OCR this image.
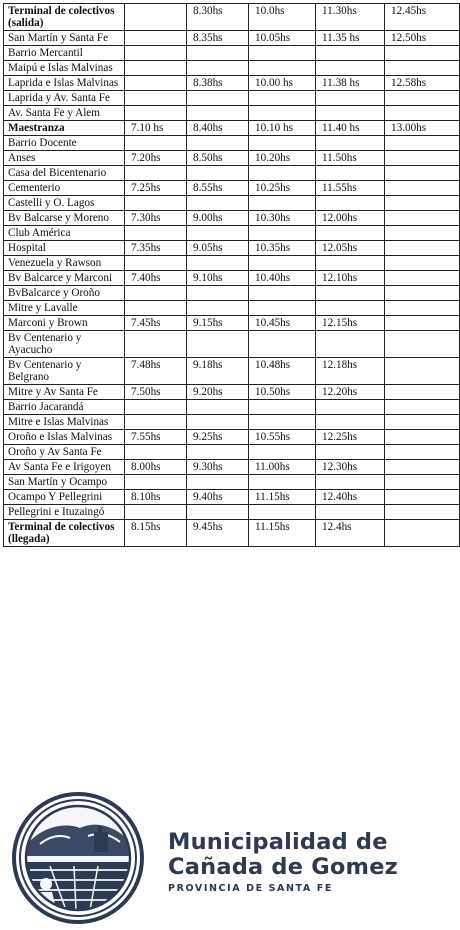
Terminal de colectivos (salida)		8.30hs	10.0hs	11.30hs	12.45hs
San Martín y Santa Fe		8.35hs	10.05hs	11.35 hs	12.50hs
Barrio Mercantil					
Maipú e Islas Malvinas					
Laprida e Islas Malvinas		8.38hs	10.00 hs	11.38 hs	12.58hs
Laprida y Av. Santa Fe					
Av. Santa Fe y Alem					
Maestranza	7.10 hs	8.40hs	10.10 hs	11.40 hs	13.00hs
Barrio Docente					
Anses	7.20hs	8.50hs	10.20hs	11.50hs	
Casa del Bicentenario					
Cementerio	7.25hs	8.55hs	10.25hs	11.55hs	
Castelli y O. Lagos					
Bv Balcarse y Moreno	7.30hs	9.00hs	10.30hs	12.00hs	
Club América					
Hospital	7.35hs	9.05hs	10.35hs	12.05hs	
Venezuela y Rawson					
Bv Balcarce y Marconi	7.40hs	9.10hs	10.40hs	12.10hs	
BvBalcarce y Oroño					
Mitre y Lavalle					
Marconi y Brown	7.45hs	9.15hs	10.45hs	12.15hs	
Bv Centenario y Ayacucho					
Bv Centenario y Belgrano	7.48hs	9.18hs	10.48hs	12.18hs	
Mitre y Av Santa Fe	7.50hs	9.20hs	10.50hs	12.20hs	
Barrio Jacarandá					
Mitre e Islas Malvinas					
Oroño e Islas Malvinas	7.55hs	9.25hs	10.55hs	12.25hs	
Oroño y Av Santa Fe					
Av Santa Fe e Irigoyen	8.00hs	9.30hs	11.00hs	12.30hs	
San Martín y Ocampo					
Ocampo Y Pellegrini	8.10hs	9.40hs	11.15hs	12.40hs	
Pellegrini e Ituzaingó					
Terminal de colectivos (llegada)	8.15hs	9.45hs	11.15hs	12.4hs	
Municipalidad de
Cañada de Gomez
PROVINCIA DE SANTA FE
